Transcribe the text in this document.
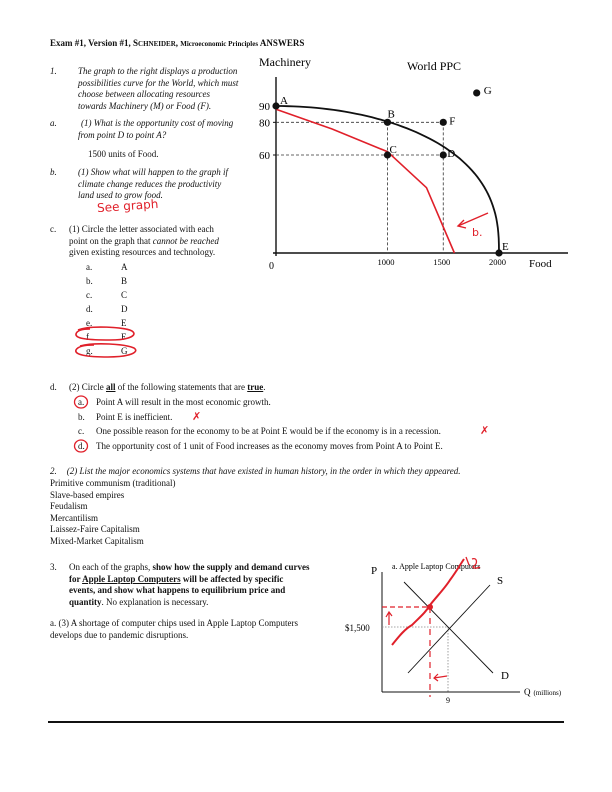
Exam #1, Version #1, SCHNEIDER, Microeconomic Principles ANSWERS
1. The graph to the right displays a production
possibilities curve for the World, which must
choose between allocating resources
towards Machinery (M) or Food (F).
a.	(1) What is the opportunity cost of moving
from point D to point A?
1500 units of Food.
b. (1) Show what will happen to the graph if
climate change reduces the productivity
land used to grow food.
See graph
c. (1) Circle the letter associated with each
point on the graph that cannot be reached
given existing resources and technology.
a.	A
b.	B
c.	C
d.	D
e.	E
f.	F
g.	G
Machinery	World PPC
A
B
C	D
E
F
G
60
80
90
1000	1500	2000
b.
Food
0
d. (2) Circle all of the following statements that are true.
a. Point A will result in the most economic growth.
b. Point E is inefficient. ✗
c. One possible reason for the economy to be at Point E would be if the economy is in a recession.	✗
d. The opportunity cost of 1 unit of Food increases as the economy moves from Point A to Point E.
2. (2) List the major economics systems that have existed in human history, in the order in which they appeared.
Primitive communism (traditional)
Slave-based empires
Feudalism
Mercantilism
Laissez-Faire Capitalism
Mixed-Market Capitalism
3. On each of the graphs, show how the supply and demand curves
for Apple Laptop Computers will be affected by specific
events, and show what happens to equilibrium price and
quantity. No explanation is necessary.
a. (3) A shortage of computer chips used in Apple Laptop Computers
develops due to pandemic disruptions.
P a. Apple Laptop Computers
S
D
$1,500
9
Q (millions)
